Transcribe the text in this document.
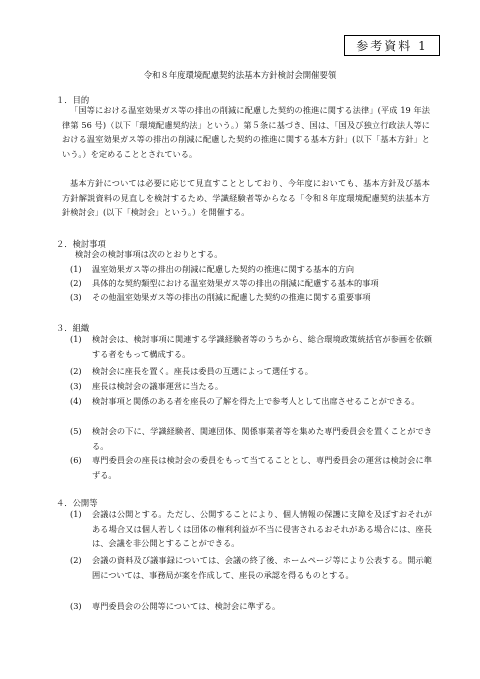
参考資料 1
令和８年度環境配慮契約法基本方針検討会開催要領
１．目的
「国等における温室効果ガス等の排出の削減に配慮した契約の推進に関する法律」(平成 19 年法律第 56 号)（以下「環境配慮契約法」という。）第５条に基づき、国は、「国及び独立行政法人等における温室効果ガス等の排出の削減に配慮した契約の推進に関する基本方針」(以下「基本方針」という。）を定めることとされている。
基本方針については必要に応じて見直すこととしており、今年度においても、基本方針及び基本方針解説資料の見直しを検討するため、学識経験者等からなる「令和８年度環境配慮契約法基本方針検討会」(以下「検討会」という。）を開催する。
２．検討事項
検討会の検討事項は次のとおりとする。
(1) 温室効果ガス等の排出の削減に配慮した契約の推進に関する基本的方向
(2) 具体的な契約類型における温室効果ガス等の排出の削減に配慮する基本的事項
(3) その他温室効果ガス等の排出の削減に配慮した契約の推進に関する重要事項
３．組織
(1) 検討会は、検討事項に関連する学識経験者等のうちから、総合環境政策統括官が参画を依頼する者をもって構成する。
(2) 検討会に座長を置く。座長は委員の互選によって選任する。
(3) 座長は検討会の議事運営に当たる。
(4) 検討事項と関係のある者を座長の了解を得た上で参考人として出席させることができる。
(5) 検討会の下に、学識経験者、関連団体、関係事業者等を集めた専門委員会を置くことができる。
(6) 専門委員会の座長は検討会の委員をもって当てることとし、専門委員会の運営は検討会に準ずる。
４．公開等
(1) 会議は公開とする。ただし、公開することにより、個人情報の保護に支障を及ぼすおそれがある場合又は個人若しくは団体の権利利益が不当に侵害されるおそれがある場合には、座長は、会議を非公開とすることができる。
(2) 会議の資料及び議事録については、会議の終了後、ホームページ等により公表する。開示範囲については、事務局が案を作成して、座長の承認を得るものとする。
(3) 専門委員会の公開等については、検討会に準ずる。
